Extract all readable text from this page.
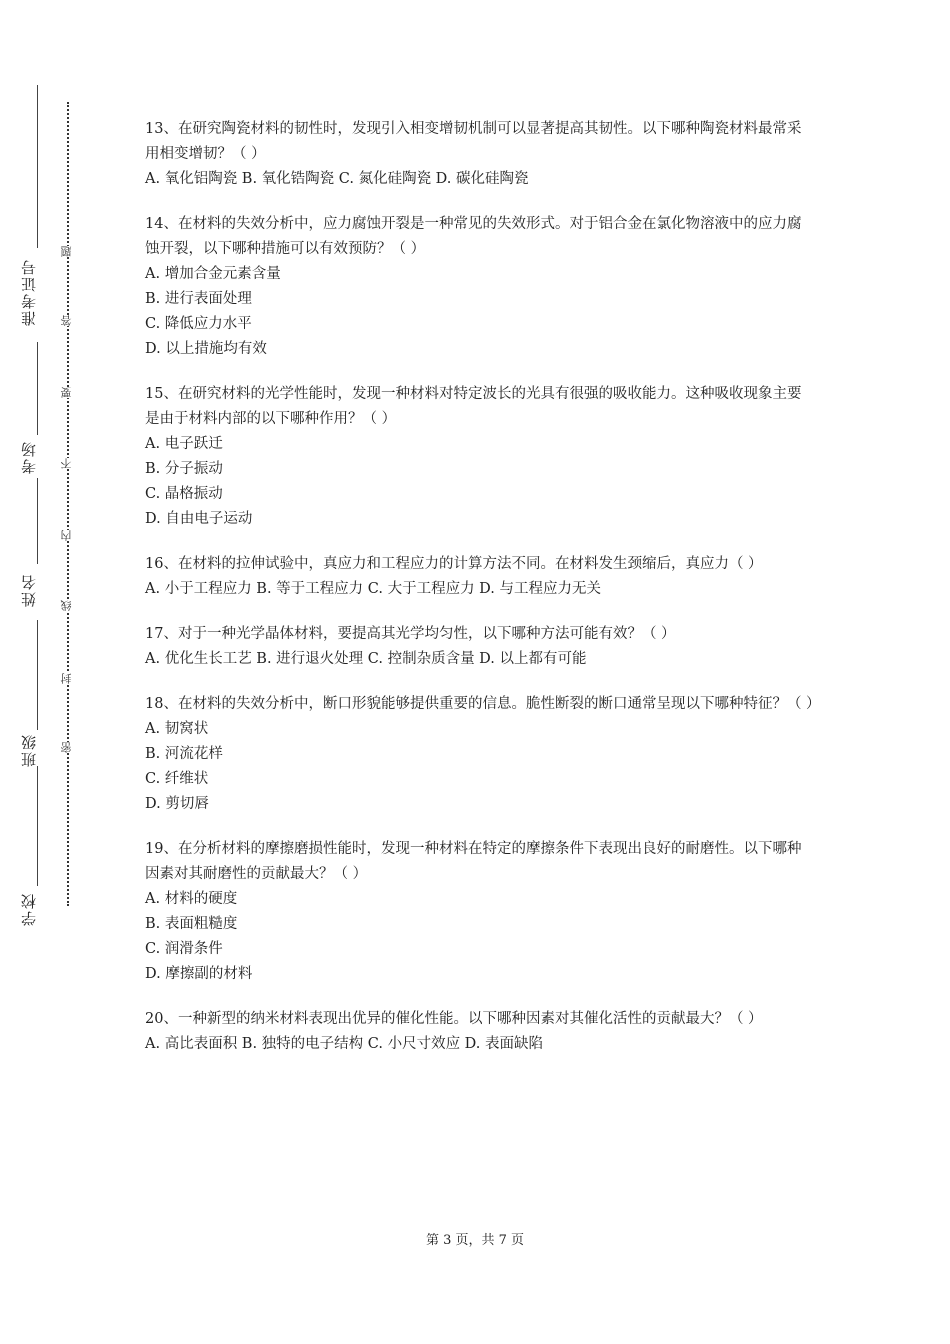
准考证号
考场
姓名
班级
学校
题
答
要
不
内
线
封
密

13、在研究陶瓷材料的韧性时，发现引入相变增韧机制可以显著提高其韧性。以下哪种陶瓷材料最常采用相变增韧？（ ）

A. 氧化铝陶瓷 B. 氧化锆陶瓷 C. 氮化硅陶瓷 D. 碳化硅陶瓷

14、在材料的失效分析中，应力腐蚀开裂是一种常见的失效形式。对于铝合金在氯化物溶液中的应力腐蚀开裂，以下哪种措施可以有效预防？（ ）

A. 增加合金元素含量

B. 进行表面处理

C. 降低应力水平

D. 以上措施均有效

15、在研究材料的光学性能时，发现一种材料对特定波长的光具有很强的吸收能力。这种吸收现象主要是由于材料内部的以下哪种作用？（ ）

A. 电子跃迁

B. 分子振动

C. 晶格振动

D. 自由电子运动

16、在材料的拉伸试验中，真应力和工程应力的计算方法不同。在材料发生颈缩后，真应力（ ）

A. 小于工程应力 B. 等于工程应力 C. 大于工程应力 D. 与工程应力无关

17、对于一种光学晶体材料，要提高其光学均匀性，以下哪种方法可能有效？（ ）

A. 优化生长工艺 B. 进行退火处理 C. 控制杂质含量 D. 以上都有可能

18、在材料的失效分析中，断口形貌能够提供重要的信息。脆性断裂的断口通常呈现以下哪种特征？（ ）

A. 韧窝状

B. 河流花样

C. 纤维状

D. 剪切唇

19、在分析材料的摩擦磨损性能时，发现一种材料在特定的摩擦条件下表现出良好的耐磨性。以下哪种因素对其耐磨性的贡献最大？（ ）

A. 材料的硬度

B. 表面粗糙度

C. 润滑条件

D. 摩擦副的材料

20、一种新型的纳米材料表现出优异的催化性能。以下哪种因素对其催化活性的贡献最大？（ ）

A. 高比表面积 B. 独特的电子结构 C. 小尺寸效应 D. 表面缺陷

第 3 页，共 7 页
